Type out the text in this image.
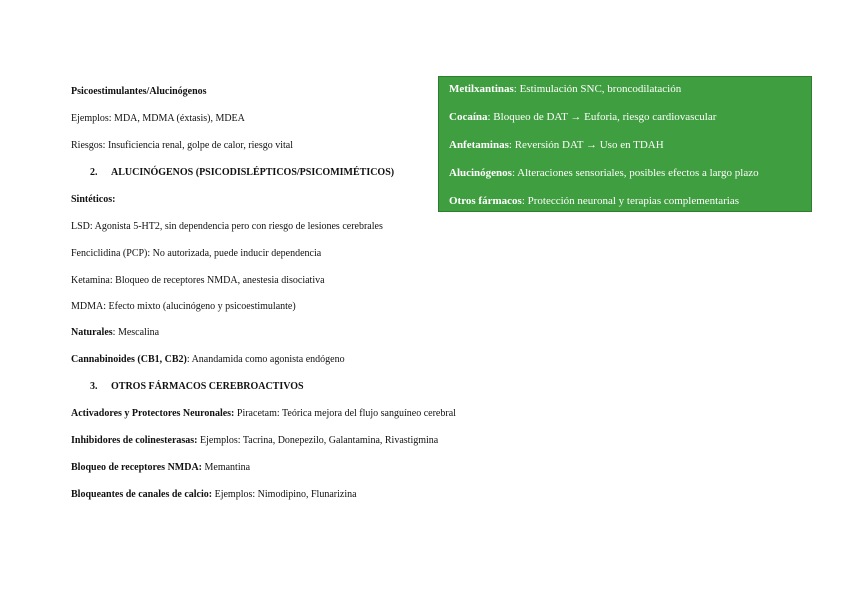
Psicoestimulantes/Alucinógenos
Ejemplos: MDA, MDMA (éxtasis), MDEA
Riesgos: Insuficiencia renal, golpe de calor, riesgo vital
2. ALUCINÓGENOS (PSICODISLÉPTICOS/PSICOMIMÉTICOS)
Sintéticos:
LSD: Agonista 5-HT2, sin dependencia pero con riesgo de lesiones cerebrales
Fenciclidina (PCP): No autorizada, puede inducir dependencia
Ketamina: Bloqueo de receptores NMDA, anestesia disociativa
MDMA: Efecto mixto (alucinógeno y psicoestimulante)
Naturales: Mescalina
Cannabinoides (CB1, CB2): Anandamida como agonista endógeno
3. OTROS FÁRMACOS CEREBROACTIVOS
Activadores y Protectores Neuronales: Piracetam: Teórica mejora del flujo sanguíneo cerebral
Inhibidores de colinesterasas: Ejemplos: Tacrina, Donepezilo, Galantamina, Rivastigmina
Bloqueo de receptores NMDA: Memantina
Bloqueantes de canales de calcio: Ejemplos: Nimodipino, Flunarizina
Metilxantinas: Estimulación SNC, broncodilatación
Cocaína: Bloqueo de DAT → Euforia, riesgo cardiovascular
Anfetaminas: Reversión DAT → Uso en TDAH
Alucinógenos: Alteraciones sensoriales, posibles efectos a largo plazo
Otros fármacos: Protección neuronal y terapias complementarias
